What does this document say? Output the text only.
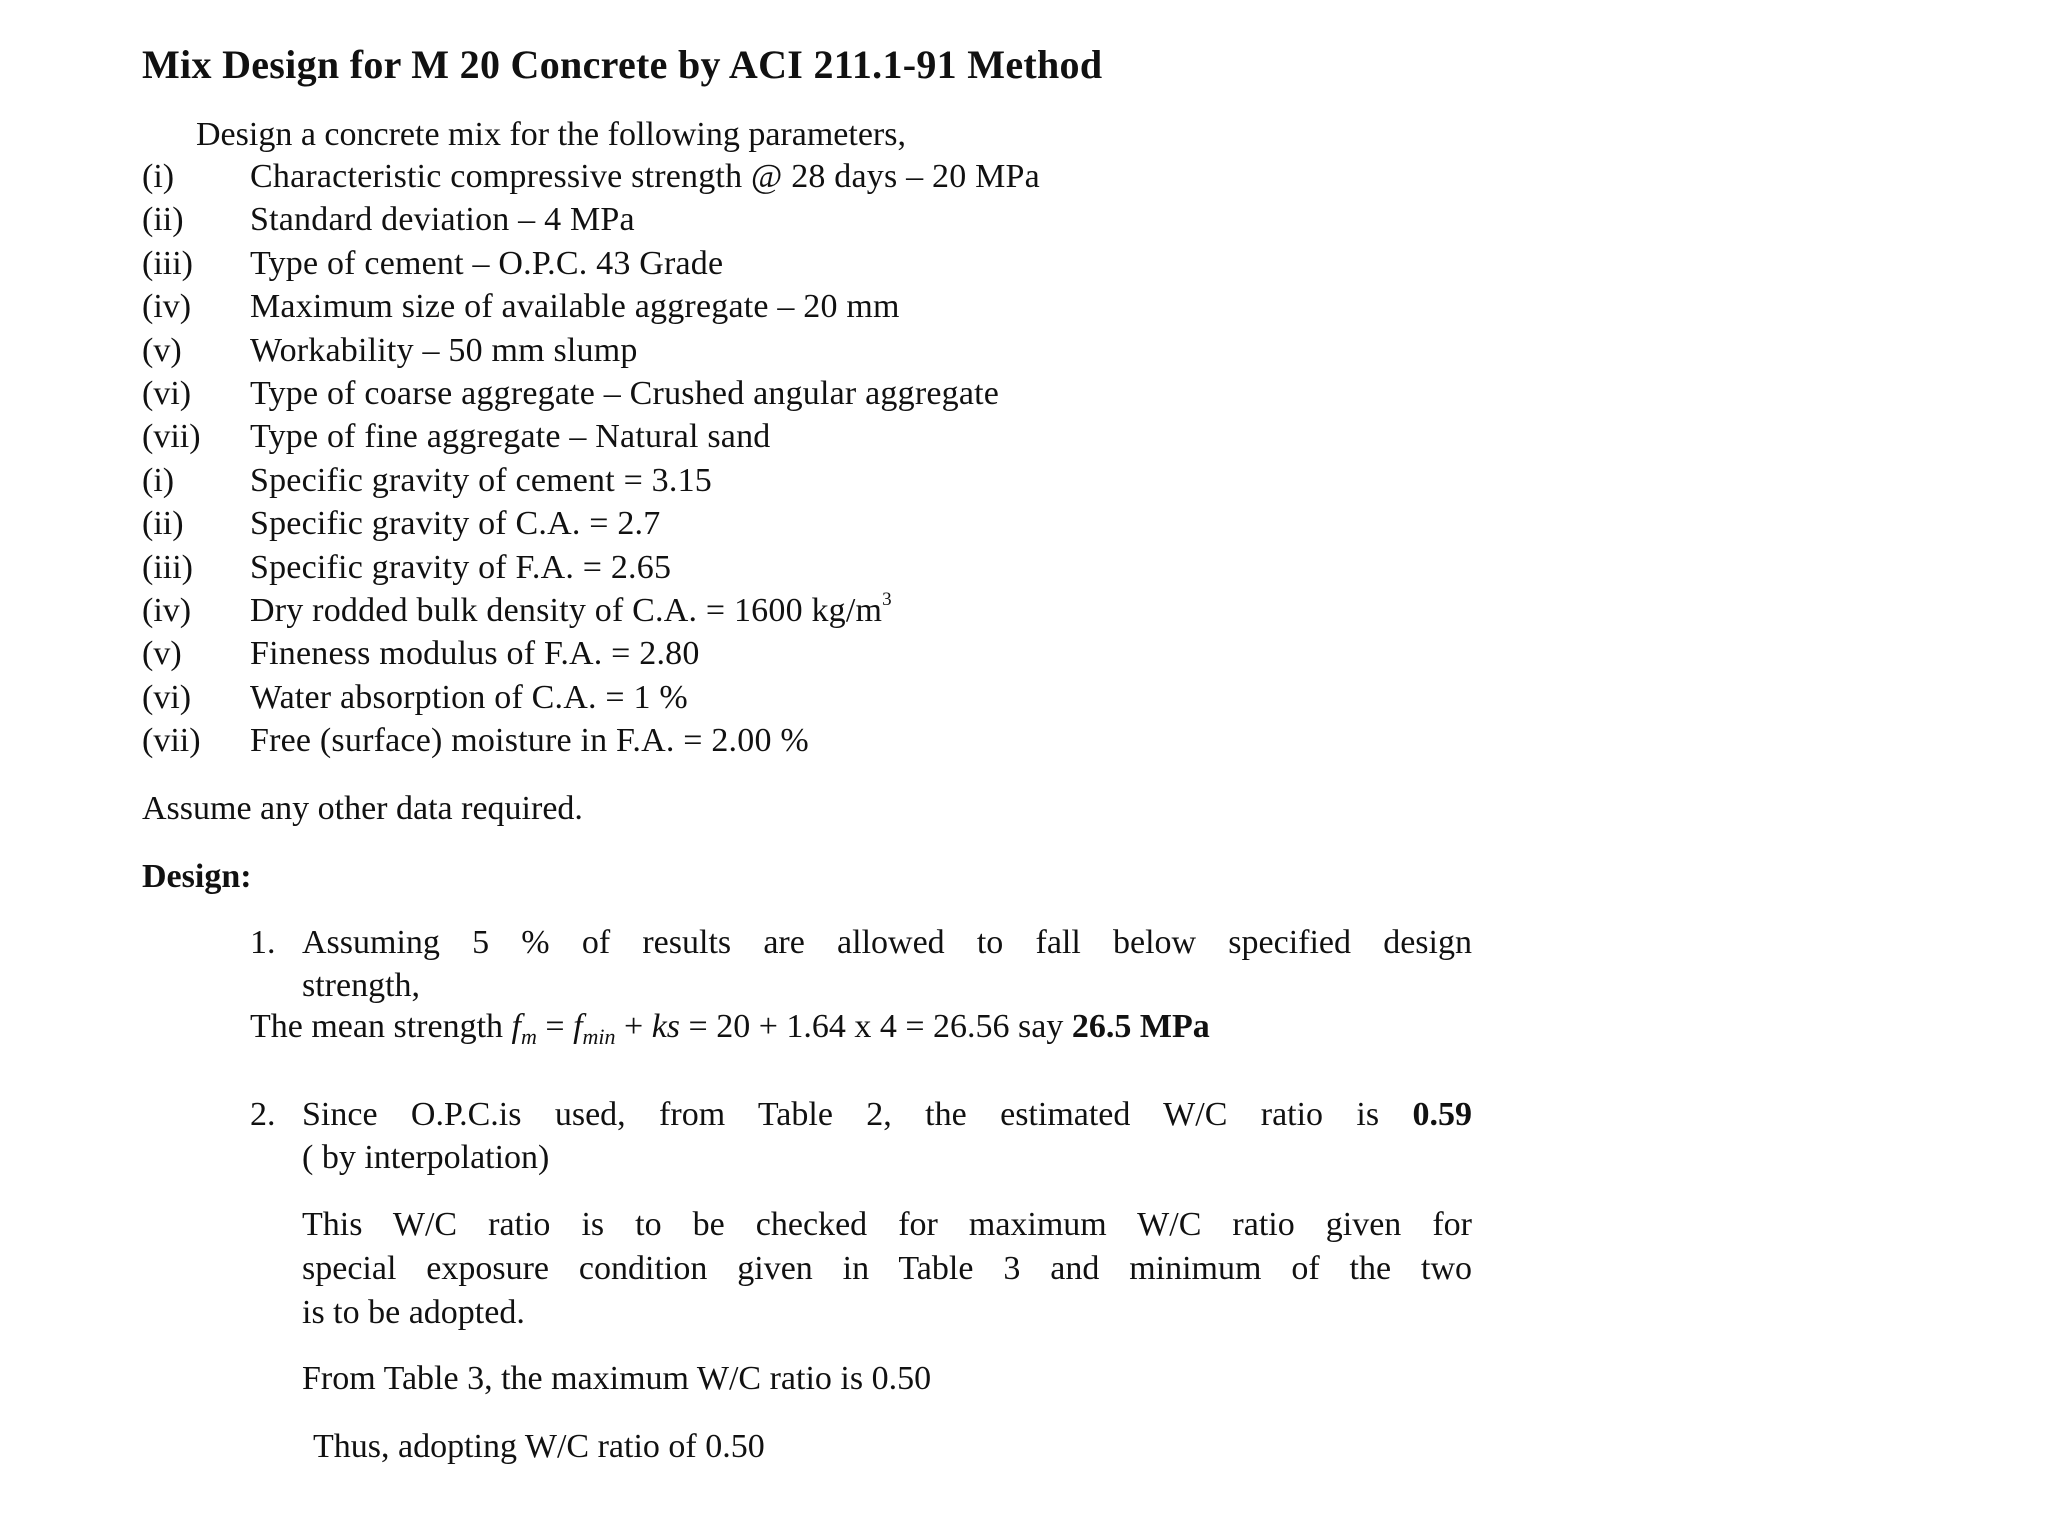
Mix Design for M 20 Concrete by ACI 211.1-91 Method
Design a concrete mix for the following parameters,
(i) Characteristic compressive strength @ 28 days – 20 MPa
(ii) Standard deviation – 4 MPa
(iii) Type of cement – O.P.C. 43 Grade
(iv) Maximum size of available aggregate – 20 mm
(v) Workability – 50 mm slump
(vi) Type of coarse aggregate – Crushed angular aggregate
(vii) Type of fine aggregate – Natural sand
(i) Specific gravity of cement = 3.15
(ii) Specific gravity of C.A. = 2.7
(iii) Specific gravity of F.A. = 2.65
(iv) Dry rodded bulk density of C.A. = 1600 $kg/m^3$
(v) Fineness modulus of F.A. = 2.80
(vi) Water absorption of C.A. = 1 %
(vii) Free (surface) moisture in F.A. = 2.00 %
Assume any other data required.
Design:
1. Assuming 5 % of results are allowed to fall below specified design
strength,
The mean strength $f_m = f_{min}$ + ks = 20 + 1.64 x 4 = 26.56 say 26.5 MPa
2. Since O.P.C.is used, from Table 2, the estimated W/C ratio is 0.59
( by interpolation)
This W/C ratio is to be checked for maximum W/C ratio given for
special exposure condition given in Table 3 and minimum of the two
is to be adopted.
From Table 3, the maximum W/C ratio is 0.50
Thus, adopting W/C ratio of 0.50
